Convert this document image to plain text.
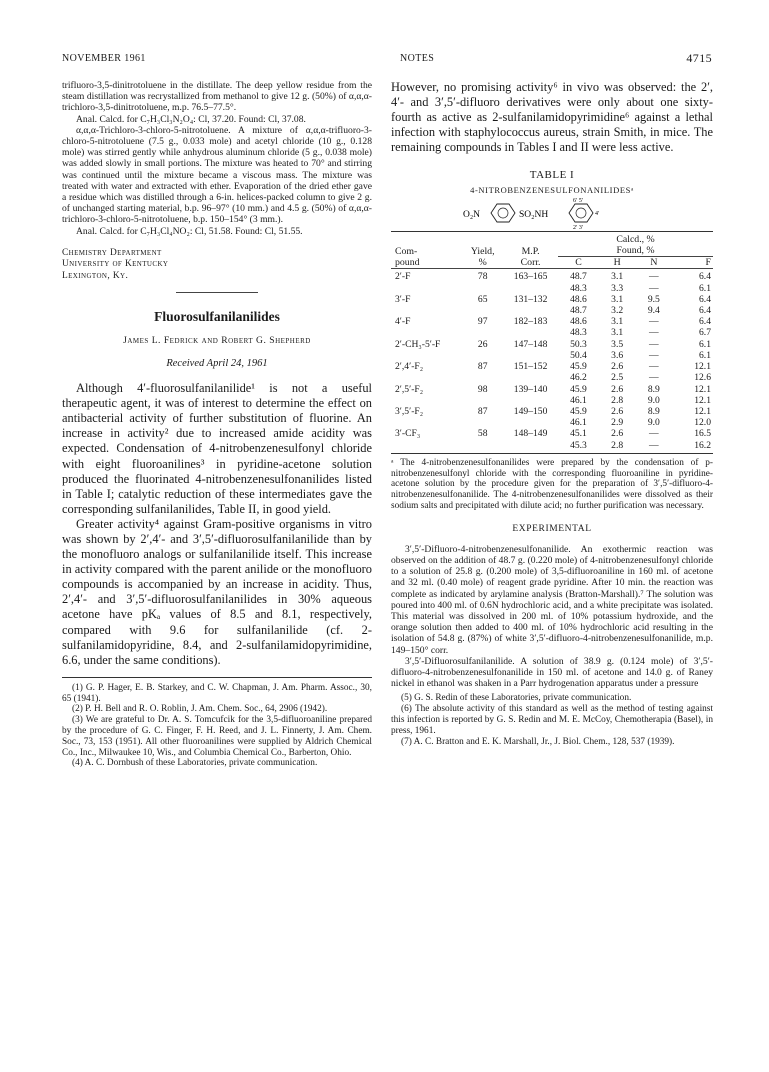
NOVEMBER 1961	NOTES	4715

trifluoro-3,5-dinitrotoluene in the distillate. The deep yellow residue from the steam distillation was recrystallized from methanol to give 12 g. (50%) of α,α,α-trichloro-3,5-dinitrotoluene, m.p. 76.5–77.5°.

Anal. Calcd. for C₇H₃Cl₃N₂O₄: Cl, 37.20. Found: Cl, 37.08.

α,α,α-Trichloro-3-chloro-5-nitrotoluene. A mixture of α,α,α-trifluoro-3-chloro-5-nitrotoluene (7.5 g., 0.033 mole) and acetyl chloride (10 g., 0.128 mole) was stirred gently while anhydrous aluminum chloride (5 g., 0.038 mole) was added slowly in small portions. The mixture was heated to 70° and stirring was continued until the mixture became a viscous mass. The mixture was treated with water and extracted with ether. Evaporation of the dried ether gave a residue which was distilled through a 6-in. helices-packed column to give 2 g. of unchanged starting material, b.p. 96–97° (10 mm.) and 4.5 g. (50%) of α,α,α-trichloro-3-chloro-5-nitrotoluene, b.p. 150–154° (3 mm.).

Anal. Calcd. for C₇H₃Cl₄NO₂: Cl, 51.58. Found: Cl, 51.55.

Chemistry Department
University of Kentucky
Lexington, Ky.
Fluorosulfanilanilides
James L. Fedrick and Robert G. Shepherd
Received April 24, 1961

Although 4′-fluorosulfanilanilide¹ is not a useful therapeutic agent, it was of interest to determine the effect on antibacterial activity of further substitution of fluorine. An increase in activity² due to increased amide acidity was expected. Condensation of 4-nitrobenzenesulfonyl chloride with eight fluoroanilines³ in pyridine-acetone solution produced the fluorinated 4-nitrobenzenesulfonanilides listed in Table I; catalytic reduction of these intermediates gave the corresponding sulfanilanilides, Table II, in good yield.

Greater activity⁴ against Gram-positive organisms in vitro was shown by 2′,4′- and 3′,5′-difluorosulfanilanilide than by the monofluoro analogs or sulfanilanilide itself. This increase in activity compared with the parent anilide or the monofluoro compounds is accompanied by an increase in acidity. Thus, 2′,4′- and 3′,5′-difluorosulfanilanilides in 30% aqueous acetone have pKₐ values of 8.5 and 8.1, respectively, compared with 9.6 for sulfanilanilide (cf. 2-sulfanilamidopyridine, 8.4, and 2-sulfanilamidopyrimidine, 6.6, under the same conditions).

(1) G. P. Hager, E. B. Starkey, and C. W. Chapman, J. Am. Pharm. Assoc., 30, 65 (1941).

(2) P. H. Bell and R. O. Roblin, J. Am. Chem. Soc., 64, 2906 (1942).

(3) We are grateful to Dr. A. S. Tomcufcik for the 3,5-difluoroaniline prepared by the procedure of G. C. Finger, F. H. Reed, and J. L. Finnerty, J. Am. Chem. Soc., 73, 153 (1951). All other fluoroanilines were supplied by Aldrich Chemical Co., Inc., Milwaukee 10, Wis., and Columbia Chemical Co., Barberton, Ohio.

(4) A. C. Dornbush of these Laboratories, private communication.

However, no promising activity⁶ in vivo was observed: the 2′, 4′- and 3′,5′-difluoro derivatives were only about one sixty-fourth as active as 2-sulfanilamidopyrimidine⁶ against a lethal infection with staphylococcus aureus, strain Smith, in mice. The remaining compounds in Tables I and II were less active.

TABLE I
4-NITROBENZENESULFONANILIDESᵃ
O₂N	SO₂NH
6′ 5′
4′
2′ 3′
Com-
pound	Yield,
%	M.P.
Corr.	Calcd., %
Found, %			
			C	H	N	F

2′-F	78	163–165	48.7	3.1	—	6.4
			48.3	3.3	—	6.1
3′-F	65	131–132	48.6	3.1	9.5	6.4
			48.7	3.2	9.4	6.4
4′-F	97	182–183	48.6	3.1	—	6.4
			48.3	3.1	—	6.7
2′-CH₃-5′-F	26	147–148	50.3	3.5	—	6.1
			50.4	3.6	—	6.1
2′,4′-F₂	87	151–152	45.9	2.6	—	12.1
			46.2	2.5	—	12.6
2′,5′-F₂	98	139–140	45.9	2.6	8.9	12.1
			46.1	2.8	9.0	12.1
3′,5′-F₂	87	149–150	45.9	2.6	8.9	12.1
			46.1	2.9	9.0	12.0
3′-CF₃	58	148–149	45.1	2.6	—	16.5
			45.3	2.8	—	16.2

ᵃ The 4-nitrobenzenesulfonanilides were prepared by the condensation of p-nitrobenzenesulfonyl chloride with the corresponding fluoroaniline in pyridine-acetone solution by the procedure given for the preparation of 3′,5′-difluoro-4-nitrobenzenesulfonanilide. The 4-nitrobenzenesulfonanilides were dissolved as their sodium salts and precipitated with dilute acid; no further purification was necessary.

EXPERIMENTAL

3′,5′-Difluoro-4-nitrobenzenesulfonanilide. An exothermic reaction was observed on the addition of 48.7 g. (0.220 mole) of 4-nitrobenzenesulfonyl chloride to a solution of 25.8 g. (0.200 mole) of 3,5-difluoroaniline in 160 ml. of acetone and 32 ml. (0.40 mole) of reagent grade pyridine. After 10 min. the reaction was complete as indicated by arylamine analysis (Bratton-Marshall).⁷ The solution was poured into 400 ml. of 0.6N hydrochloric acid, and a white precipitate was isolated. This material was dissolved in 200 ml. of 10% potassium hydroxide, and the orange solution then added to 400 ml. of 10% hydrochloric acid resulting in the isolation of 54.8 g. (87%) of white 3′,5′-difluoro-4-nitrobenzenesulfonanilide, m.p. 149–150° corr.

3′,5′-Difluorosulfanilanilide. A solution of 38.9 g. (0.124 mole) of 3′,5′-difluoro-4-nitrobenzenesulfonanilide in 150 ml. of acetone and 14.0 g. of Raney nickel in ethanol was shaken in a Parr hydrogenation apparatus under a pressure

(5) G. S. Redin of these Laboratories, private communication.

(6) The absolute activity of this standard as well as the method of testing against this infection is reported by G. S. Redin and M. E. McCoy, Chemotherapia (Basel), in press, 1961.

(7) A. C. Bratton and E. K. Marshall, Jr., J. Biol. Chem., 128, 537 (1939).
